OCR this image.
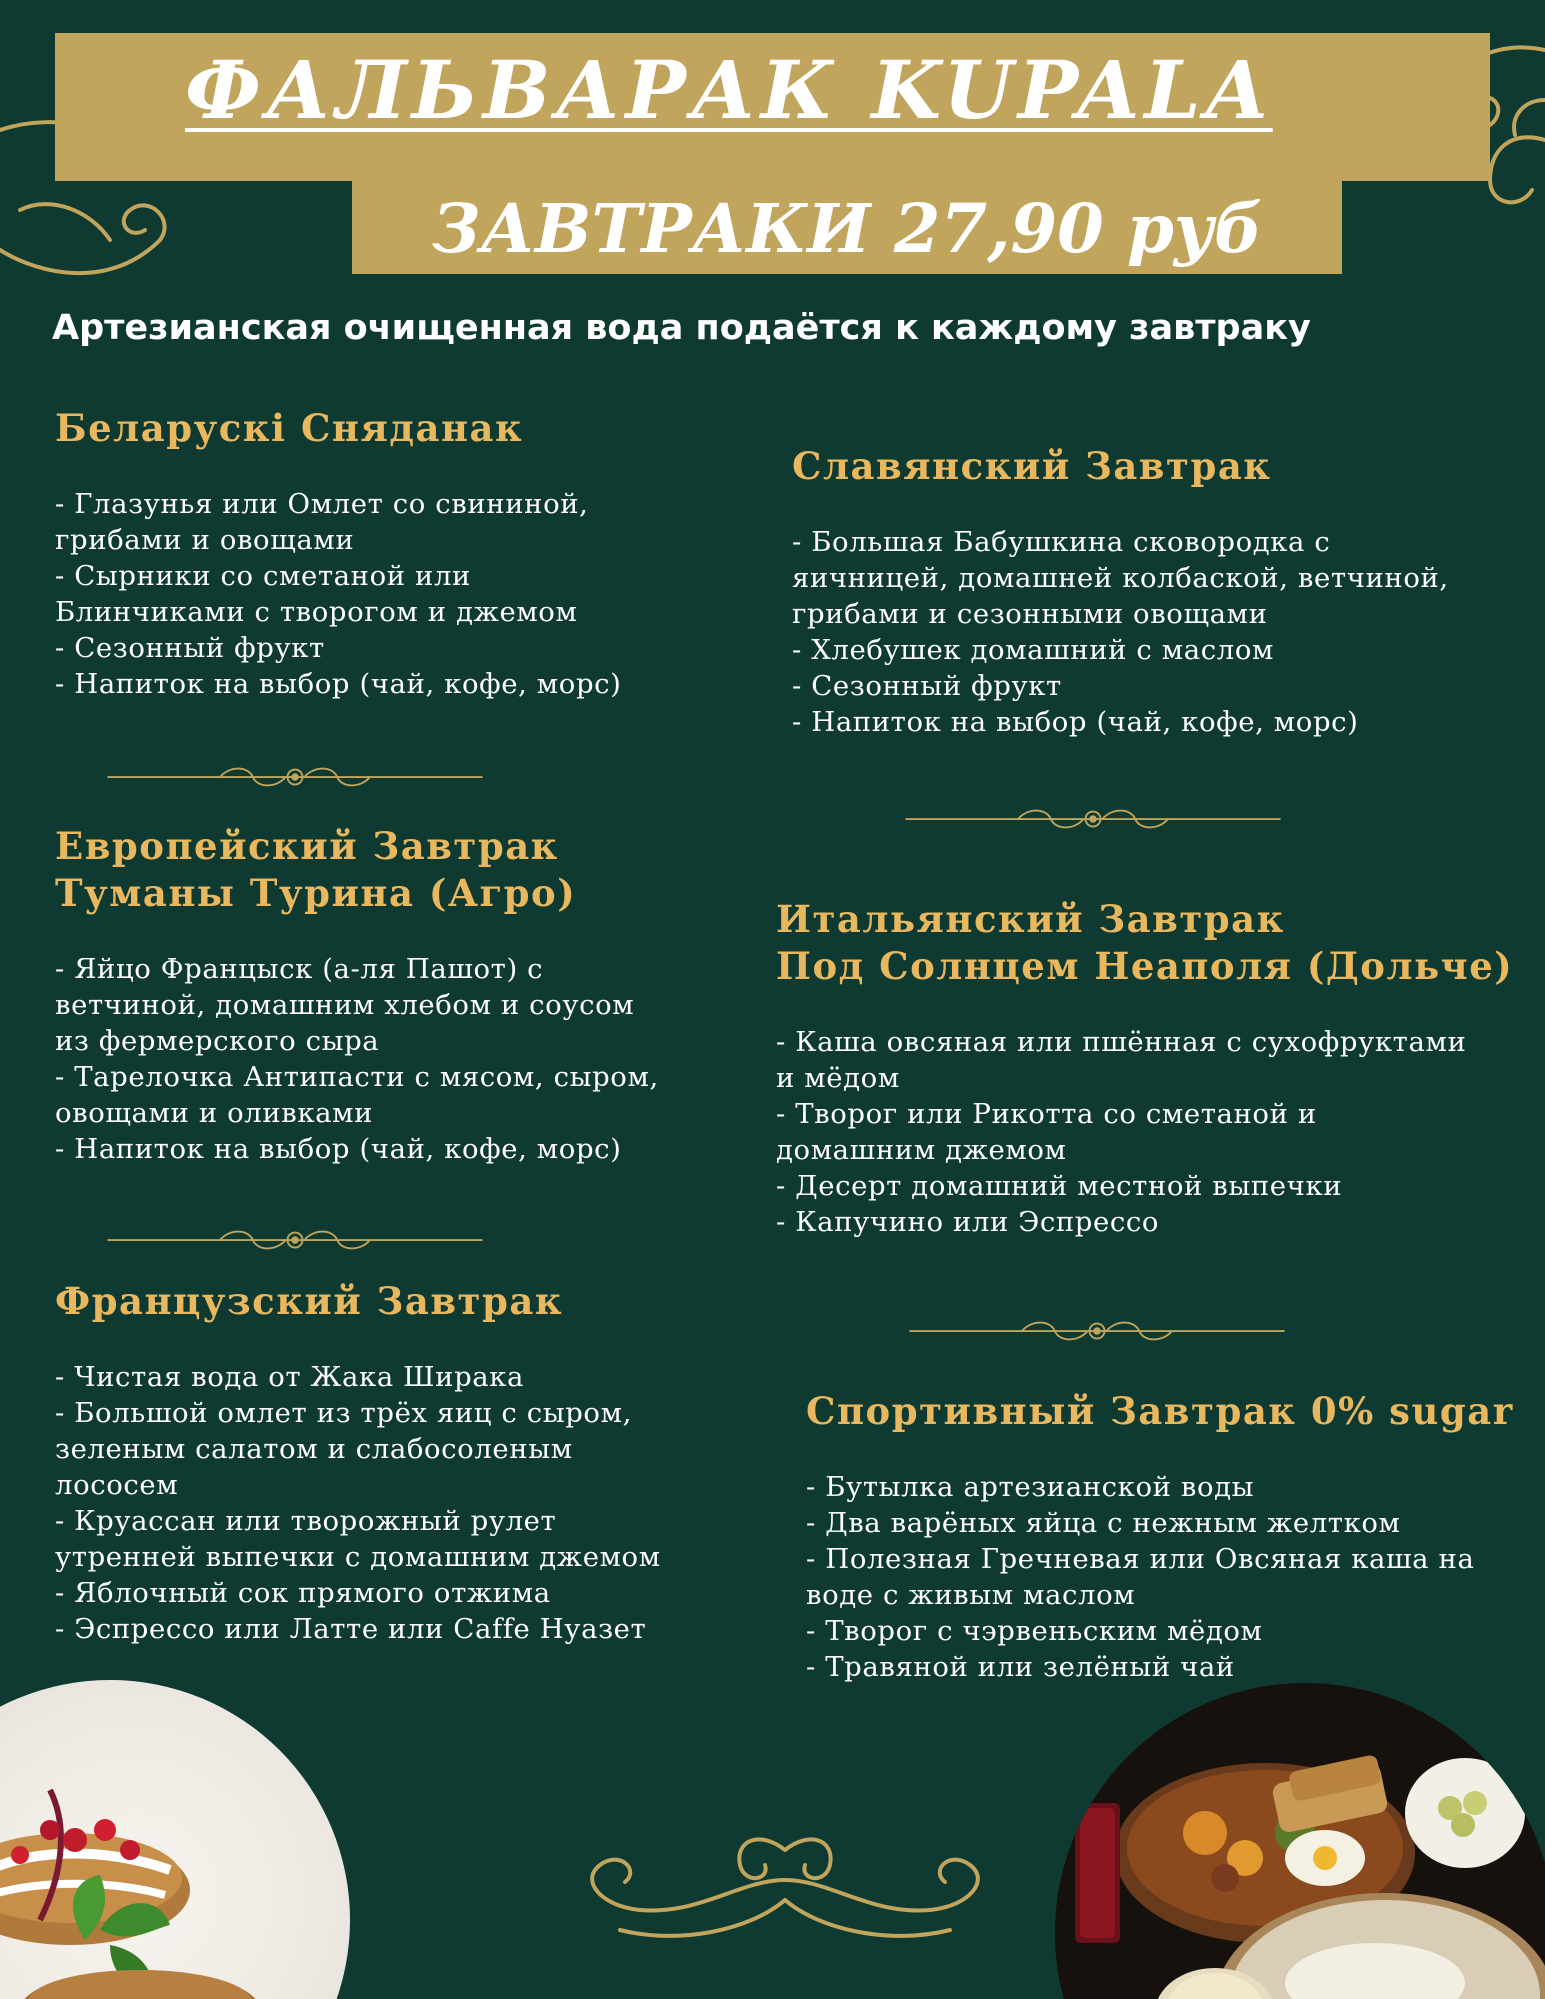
ФАЛЬВАРАК KUPALA
ЗАВТРАКИ 27,90 руб
Артезианская очищенная вода подаётся к каждому завтраку
Беларускі Сняданак
- Глазунья или Омлет со свининой,
грибами и овощами
- Сырники со сметаной или
Блинчиками с творогом и джемом
- Сезонный фрукт
- Напиток на выбор (чай, кофе, морс)
Европейский Завтрак
Туманы Турина (Агро)
- Яйцо Францыск (а-ля Пашот) с
ветчиной, домашним хлебом и соусом
из фермерского сыра
- Тарелочка Антипасти с мясом, сыром,
овощами и оливками
- Напиток на выбор (чай, кофе, морс)
Французский Завтрак
- Чистая вода от Жака Ширака
- Большой омлет из трёх яиц с сыром,
зеленым салатом и слабосоленым
лососем
- Круассан или творожный рулет
утренней выпечки с домашним джемом
- Яблочный сок прямого отжима
- Эспрессо или Латте или Caffe Нуазет
Славянский Завтрак
- Большая Бабушкина сковородка с
яичницей, домашней колбаской, ветчиной,
грибами и сезонными овощами
- Хлебушек домашний с маслом
- Сезонный фрукт
- Напиток на выбор (чай, кофе, морс)
Итальянский Завтрак
Под Солнцем Неаполя (Дольче)
- Каша овсяная или пшённая с сухофруктами
и мёдом
- Творог или Рикотта со сметаной и
домашним джемом
- Десерт домашний местной выпечки
- Капучино или Эспрессо
Спортивный Завтрак 0% sugar
- Бутылка артезианской воды
- Два варёных яйца с нежным желтком
- Полезная Гречневая или Овсяная каша на
воде с живым маслом
- Творог с чэрвеньским мёдом
- Травяной или зелёный чай
